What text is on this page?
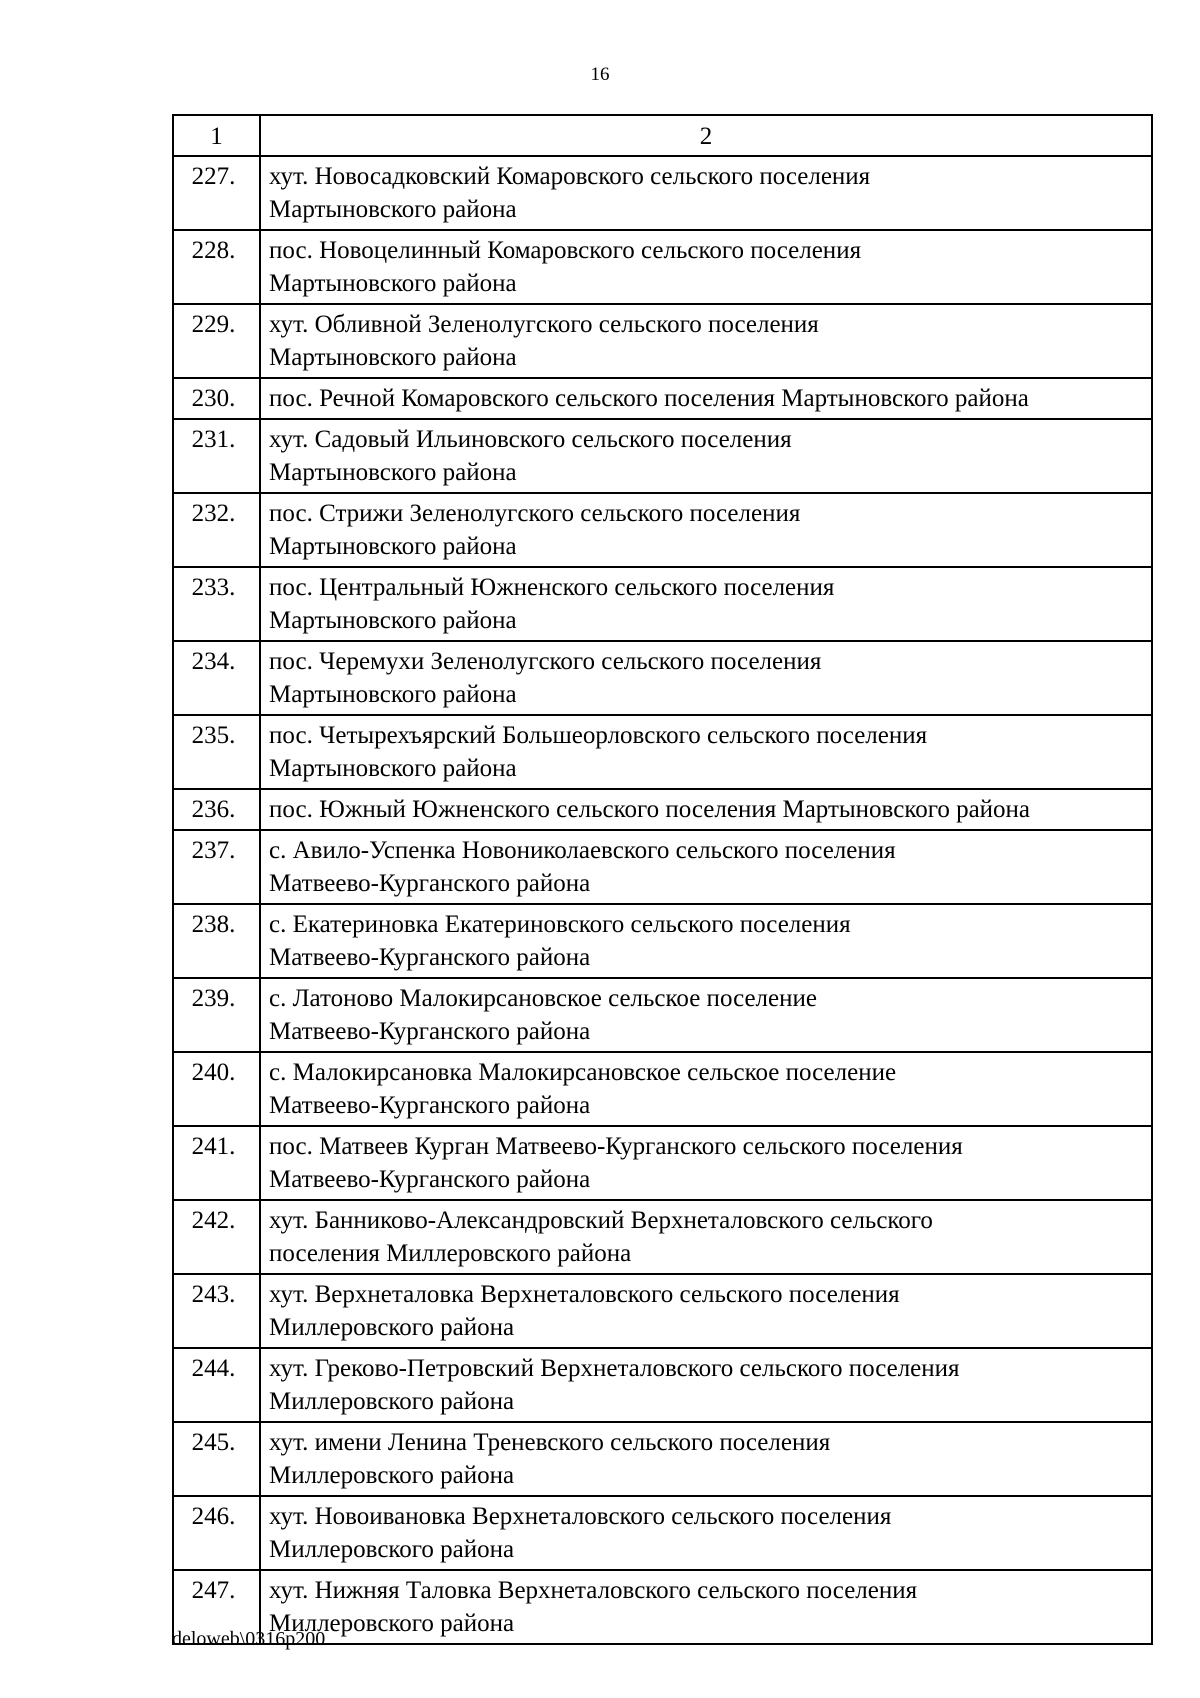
16
1	2
227.	хут. Новосадковский Комаровского сельского поселения
Мартыновского района

228.	пос. Новоцелинный Комаровского сельского поселения
Мартыновского района

229.	хут. Обливной Зеленолугского сельского поселения
Мартыновского района

230.	пос. Речной Комаровского сельского поселения Мартыновского района

231.	хут. Садовый Ильиновского сельского поселения
Мартыновского района

232.	пос. Стрижи Зеленолугского сельского поселения
Мартыновского района

233.	пос. Центральный Южненского сельского поселения
Мартыновского района

234.	пос. Черемухи Зеленолугского сельского поселения
Мартыновского района

235.	пос. Четырехъярский Большеорловского сельского поселения
Мартыновского района

236.	пос. Южный Южненского сельского поселения Мартыновского района

237.	с. Авило-Успенка Новониколаевского сельского поселения
Матвеево-Курганского района

238.	с. Екатериновка Екатериновского сельского поселения
Матвеево-Курганского района

239.	с. Латоново Малокирсановское сельское поселение
Матвеево-Курганского района

240.	с. Малокирсановка Малокирсановское сельское поселение
Матвеево-Курганского района

241.	пос. Матвеев Курган Матвеево-Курганского сельского поселения
Матвеево-Курганского района

242.	хут. Банниково-Александровский Верхнеталовского сельского
поселения Миллеровского района

243.	хут. Верхнеталовка Верхнеталовского сельского поселения
Миллеровского района

244.	хут. Греково-Петровский Верхнеталовского сельского поселения
Миллеровского района

245.	хут. имени Ленина Треневского сельского поселения
Миллеровского района

246.	хут. Новоивановка Верхнеталовского сельского поселения
Миллеровского района

247.	хут. Нижняя Таловка Верхнеталовского сельского поселения
Миллеровского района
deloweb\0316p200
